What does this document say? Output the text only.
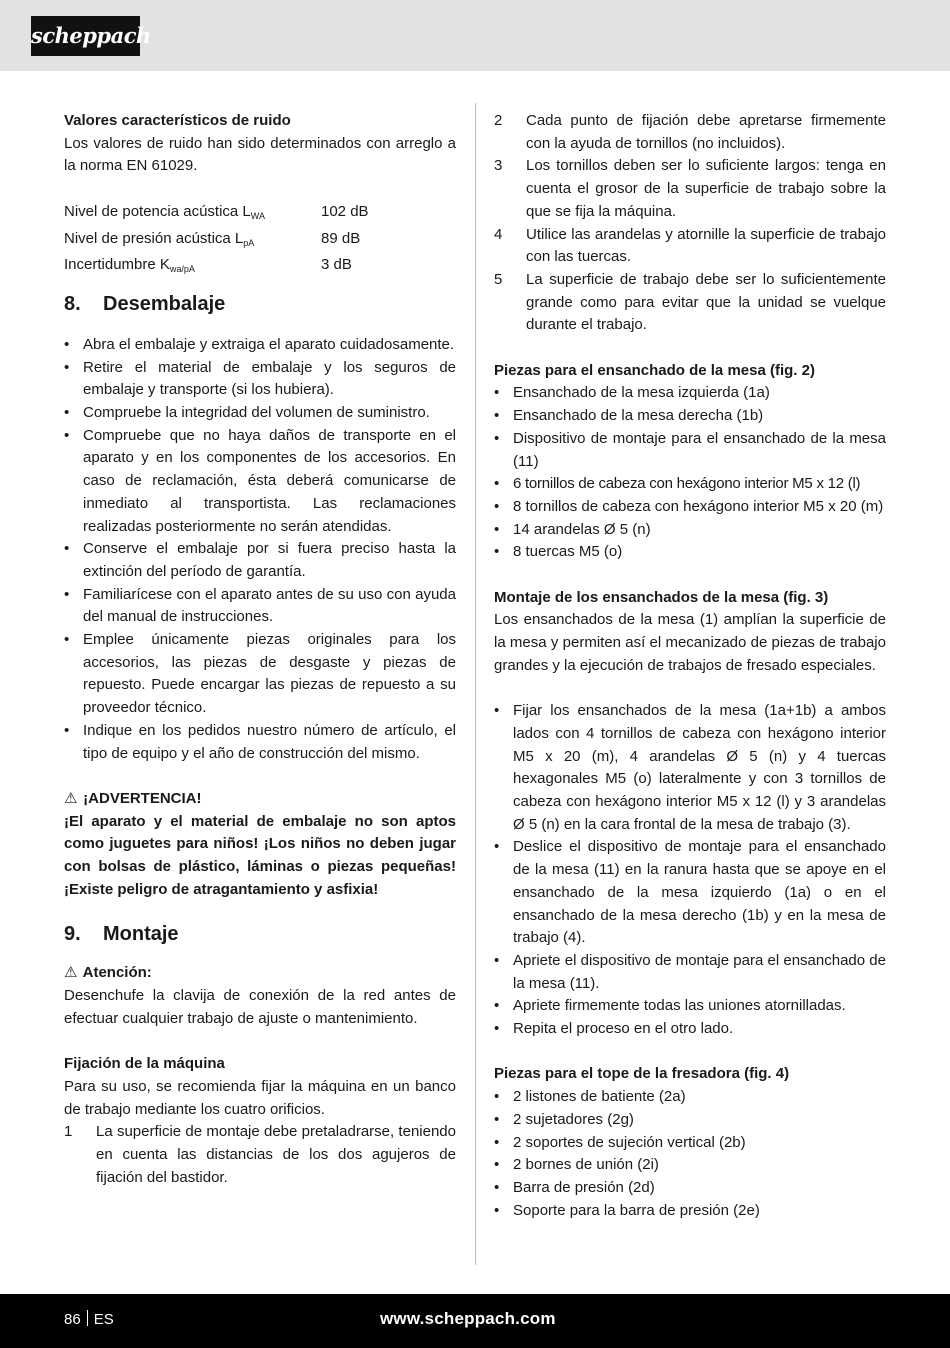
scheppach
Valores característicos de ruido

Los valores de ruido han sido determinados con arreglo a la norma EN 61029.

Nivel de potencia acústica $L_{WA}$	102 dB
Nivel de presión acústica $L_{pA}$	89 dB
Incertidumbre $K_{wa/pA}$	3 dB
8.	Desembalaje
• Abra el embalaje y extraiga el aparato cuidadosamente.
• Retire el material de embalaje y los seguros de embalaje y transporte (si los hubiera).
• Compruebe la integridad del volumen de suministro.
• Compruebe que no haya daños de transporte en el aparato y en los componentes de los accesorios. En caso de reclamación, ésta deberá comunicarse de inmediato al transportista. Las reclamaciones realizadas posteriormente no serán atendidas.
• Conserve el embalaje por si fuera preciso hasta la extinción del período de garantía.
• Familiarícese con el aparato antes de su uso con ayuda del manual de instrucciones.
• Emplee únicamente piezas originales para los accesorios, las piezas de desgaste y piezas de repuesto. Puede encargar las piezas de repuesto a su proveedor técnico.
• Indique en los pedidos nuestro número de artículo, el tipo de equipo y el año de construcción del mismo.
⚠ ¡ADVERTENCIA!

¡El aparato y el material de embalaje no son aptos como juguetes para niños! ¡Los niños no deben jugar con bolsas de plástico, láminas o piezas pequeñas! ¡Existe peligro de atragantamiento y asfixia!

9.	Montaje
⚠ Atención:

Desenchufe la clavija de conexión de la red antes de efectuar cualquier trabajo de ajuste o mantenimiento.

Fijación de la máquina

Para su uso, se recomienda fijar la máquina en un banco de trabajo mediante los cuatro orificios.

1	La superficie de montaje debe pretaladrarse, teniendo en cuenta las distancias de los dos agujeros de fijación del bastidor.
2	Cada punto de fijación debe apretarse firmemente con la ayuda de tornillos (no incluidos).
3	Los tornillos deben ser lo suficiente largos: tenga en cuenta el grosor de la superficie de trabajo sobre la que se fija la máquina.
4	Utilice las arandelas y atornille la superficie de trabajo con las tuercas.
5	La superficie de trabajo debe ser lo suficientemente grande como para evitar que la unidad se vuelque durante el trabajo.
Piezas para el ensanchado de la mesa (fig. 2)
• Ensanchado de la mesa izquierda (1a)
• Ensanchado de la mesa derecha (1b)
• Dispositivo de montaje para el ensanchado de la mesa (11)
• 6 tornillos de cabeza con hexágono interior M5 x 12 (l)
• 8 tornillos de cabeza con hexágono interior M5 x 20 (m)
• 14 arandelas Ø 5 (n)
• 8 tuercas M5 (o)
Montaje de los ensanchados de la mesa (fig. 3)

Los ensanchados de la mesa (1) amplían la superficie de la mesa y permiten así el mecanizado de piezas de trabajo grandes y la ejecución de trabajos de fresado especiales.

• Fijar los ensanchados de la mesa (1a+1b) a ambos lados con 4 tornillos de cabeza con hexágono interior M5 x 20 (m), 4 arandelas Ø 5 (n) y 4 tuercas hexagonales M5 (o) lateralmente y con 3 tornillos de cabeza con hexágono interior M5 x 12 (l) y 3 arandelas Ø 5 (n) en la cara frontal de la mesa de trabajo (3).
• Deslice el dispositivo de montaje para el ensanchado de la mesa (11) en la ranura hasta que se apoye en el ensanchado de la mesa izquierdo (1a) o en el ensanchado de la mesa derecho (1b) y en la mesa de trabajo (4).
• Apriete el dispositivo de montaje para el ensanchado de la mesa (11).
• Apriete firmemente todas las uniones atornilladas.
• Repita el proceso en el otro lado.
Piezas para el tope de la fresadora (fig. 4)
• 2 listones de batiente (2a)
• 2 sujetadores (2g)
• 2 soportes de sujeción vertical (2b)
• 2 bornes de unión (2i)
• Barra de presión (2d)
• Soporte para la barra de presión (2e)
86 ES	www.scheppach.com
